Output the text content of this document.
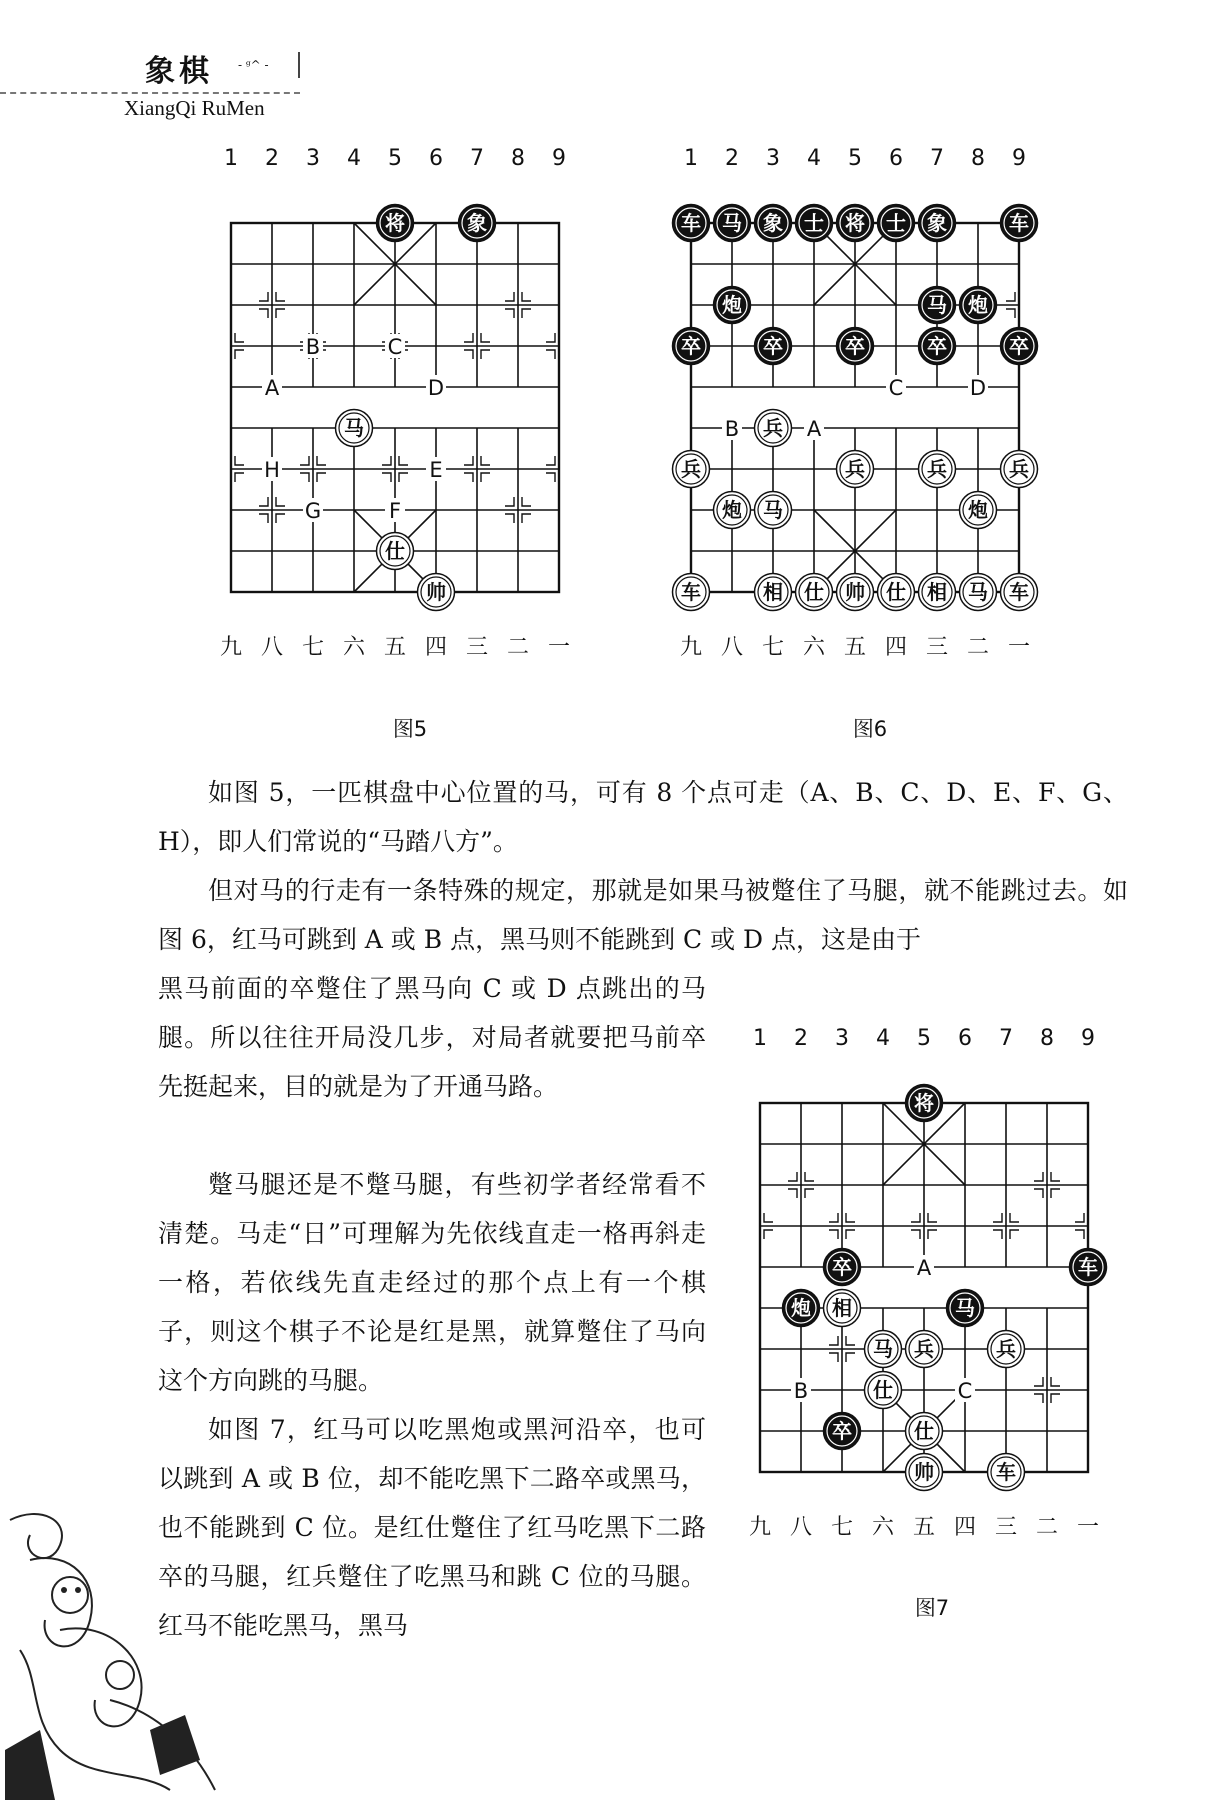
象棋 - ᵍ^ -
XiangQi RuMen
1 2 3 4 5 6 7 8 9
九 八 七 六 五 四 三 二 一
B	C
A	D
H	E
G	F
将	象
马
仕
帅
图5
1 2 3 4 5 6 7 8 9
九 八 七 六 五 四 三 二 一
C	D
B	A
车 马 象 士 将 士 象	车
炮	马 炮
卒	卒	卒	卒	卒
兵
兵	兵	兵	兵
炮 马	炮
车	相 仕 帅 仕 相 马 车
图6
1 2 3 4 5 6 7 8 9
九 八 七 六 五 四 三 二 一
A
B	C
将
卒	车
炮 相	马
马 兵	兵
仕
卒	仕
帅	车
图7

如图 5，一匹棋盘中心位置的马，可有 8 个点可走（A、B、C、D、E、F、G、H），即人们常说的“马踏八方”。

但对马的行走有一条特殊的规定，那就是如果马被蹩住了马腿，就不能跳过去。如图 6，红马可跳到 A 或 B 点，黑马则不能跳到 C 或 D 点，这是由于

黑马前面的卒蹩住了黑马向 C 或 D 点跳出的马腿。所以往往开局没几步，对局者就要把马前卒先挺起来，目的就是为了开通马路。

蹩马腿还是不蹩马腿，有些初学者经常看不清楚。马走“日”可理解为先依线直走一格再斜走一格，若依线先直走经过的那个点上有一个棋子，则这个棋子不论是红是黑，就算蹩住了马向这个方向跳的马腿。

如图 7，红马可以吃黑炮或黑河沿卒，也可以跳到 A 或 B 位，却不能吃黑下二路卒或黑马，也不能跳到 C 位。是红仕蹩住了红马吃黑下二路卒的马腿，红兵蹩住了吃黑马和跳 C 位的马腿。红马不能吃黑马，黑马
